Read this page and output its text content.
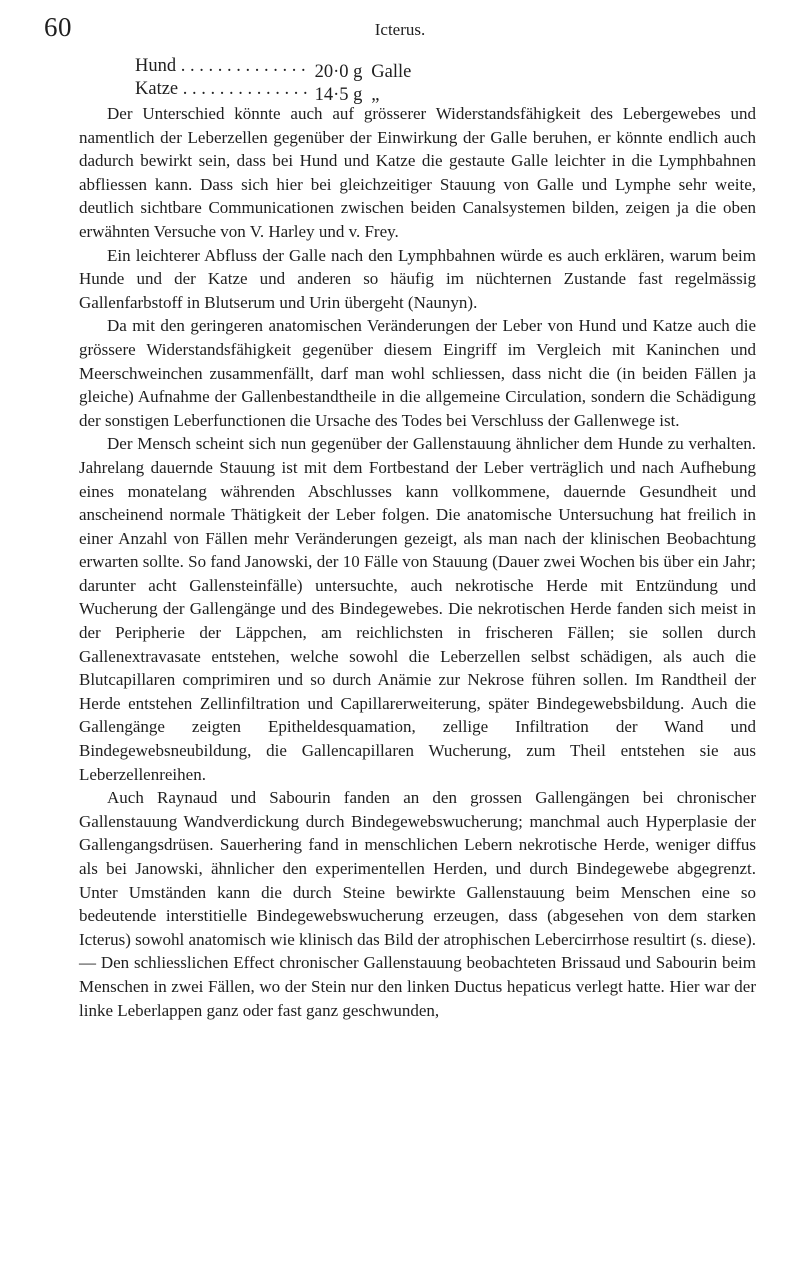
60	Icterus.
Hund . . .	20·0 g Galle
Katze . . .	14·5 g „

Der Unterschied könnte auch auf grösserer Widerstandsfähigkeit des Lebergewebes und namentlich der Leberzellen gegenüber der Einwirkung der Galle beruhen, er könnte endlich auch dadurch bewirkt sein, dass bei Hund und Katze die gestaute Galle leichter in die Lymphbahnen abfliessen kann. Dass sich hier bei gleichzeitiger Stauung von Galle und Lymphe sehr weite, deutlich sichtbare Communicationen zwischen beiden Canalsystemen bilden, zeigen ja die oben erwähnten Versuche von V. Harley und v. Frey.

Ein leichterer Abfluss der Galle nach den Lymphbahnen würde es auch erklären, warum beim Hunde und der Katze und anderen so häufig im nüchternen Zustande fast regelmässig Gallenfarbstoff in Blutserum und Urin übergeht (Naunyn).

Da mit den geringeren anatomischen Veränderungen der Leber von Hund und Katze auch die grössere Widerstandsfähigkeit gegenüber diesem Eingriff im Vergleich mit Kaninchen und Meerschweinchen zusammenfällt, darf man wohl schliessen, dass nicht die (in beiden Fällen ja gleiche) Aufnahme der Gallenbestandtheile in die allgemeine Circulation, sondern die Schädigung der sonstigen Leberfunctionen die Ursache des Todes bei Verschluss der Gallenwege ist.

Der Mensch scheint sich nun gegenüber der Gallenstauung ähnlicher dem Hunde zu verhalten. Jahrelang dauernde Stauung ist mit dem Fortbestand der Leber verträglich und nach Aufhebung eines monatelang währenden Abschlusses kann vollkommene, dauernde Gesundheit und anscheinend normale Thätigkeit der Leber folgen. Die anatomische Untersuchung hat freilich in einer Anzahl von Fällen mehr Veränderungen gezeigt, als man nach der klinischen Beobachtung erwarten sollte. So fand Janowski, der 10 Fälle von Stauung (Dauer zwei Wochen bis über ein Jahr; darunter acht Gallensteinfälle) untersuchte, auch nekrotische Herde mit Entzündung und Wucherung der Gallengänge und des Bindegewebes. Die nekrotischen Herde fanden sich meist in der Peripherie der Läppchen, am reichlichsten in frischeren Fällen; sie sollen durch Gallenextravasate entstehen, welche sowohl die Leberzellen selbst schädigen, als auch die Blutcapillaren comprimiren und so durch Anämie zur Nekrose führen sollen. Im Randtheil der Herde entstehen Zellinfiltration und Capillarerweiterung, später Bindegewebsbildung. Auch die Gallengänge zeigten Epitheldesquamation, zellige Infiltration der Wand und Bindegewebsneubildung, die Gallencapillaren Wucherung, zum Theil entstehen sie aus Leberzellenreihen.

Auch Raynaud und Sabourin fanden an den grossen Gallengängen bei chronischer Gallenstauung Wandverdickung durch Bindegewebswucherung; manchmal auch Hyperplasie der Gallengangsdrüsen. Sauerhering fand in menschlichen Lebern nekrotische Herde, weniger diffus als bei Janowski, ähnlicher den experimentellen Herden, und durch Bindegewebe abgegrenzt. Unter Umständen kann die durch Steine bewirkte Gallenstauung beim Menschen eine so bedeutende interstitielle Bindegewebswucherung erzeugen, dass (abgesehen von dem starken Icterus) sowohl anatomisch wie klinisch das Bild der atrophischen Lebercirrhose resultirt (s. diese). — Den schliesslichen Effect chronischer Gallenstauung beobachteten Brissaud und Sabourin beim Menschen in zwei Fällen, wo der Stein nur den linken Ductus hepaticus verlegt hatte. Hier war der linke Leberlappen ganz oder fast ganz geschwunden,
